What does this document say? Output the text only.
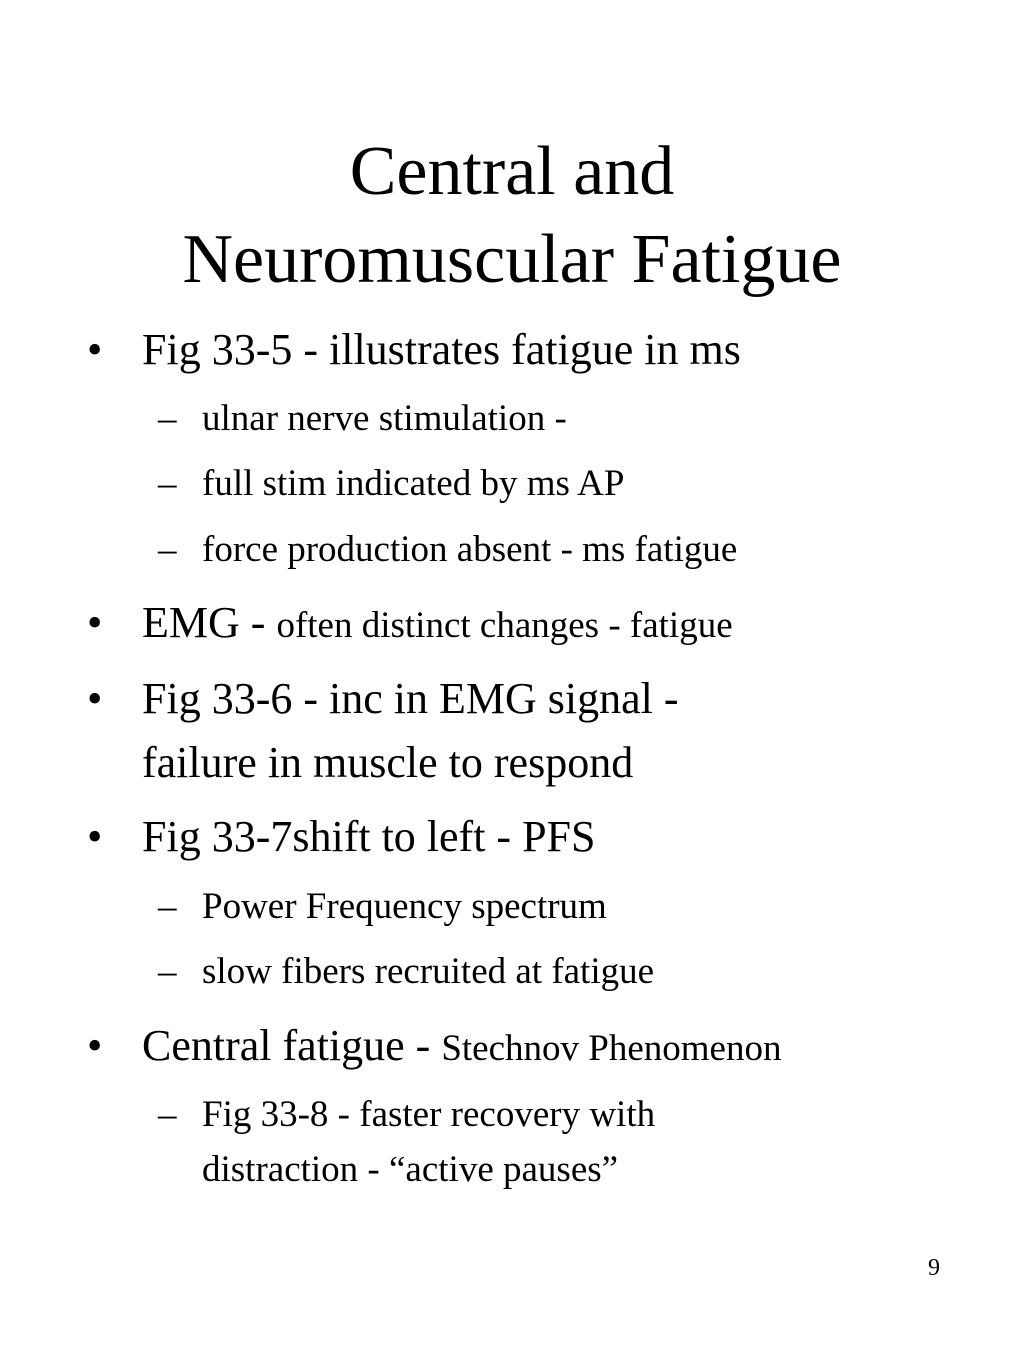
Central and
Neuromuscular Fatigue
• Fig 33-5 - illustrates fatigue in ms
– ulnar nerve stimulation -
– full stim indicated by ms AP
– force production absent - ms fatigue
• EMG - often distinct changes - fatigue
• Fig 33-6 - inc in EMG signal -
failure in muscle to respond
• Fig 33-7shift to left - PFS
– Power Frequency spectrum
– slow fibers recruited at fatigue
• Central fatigue - Stechnov Phenomenon
– Fig 33-8 - faster recovery with
distraction - “active pauses”
9
